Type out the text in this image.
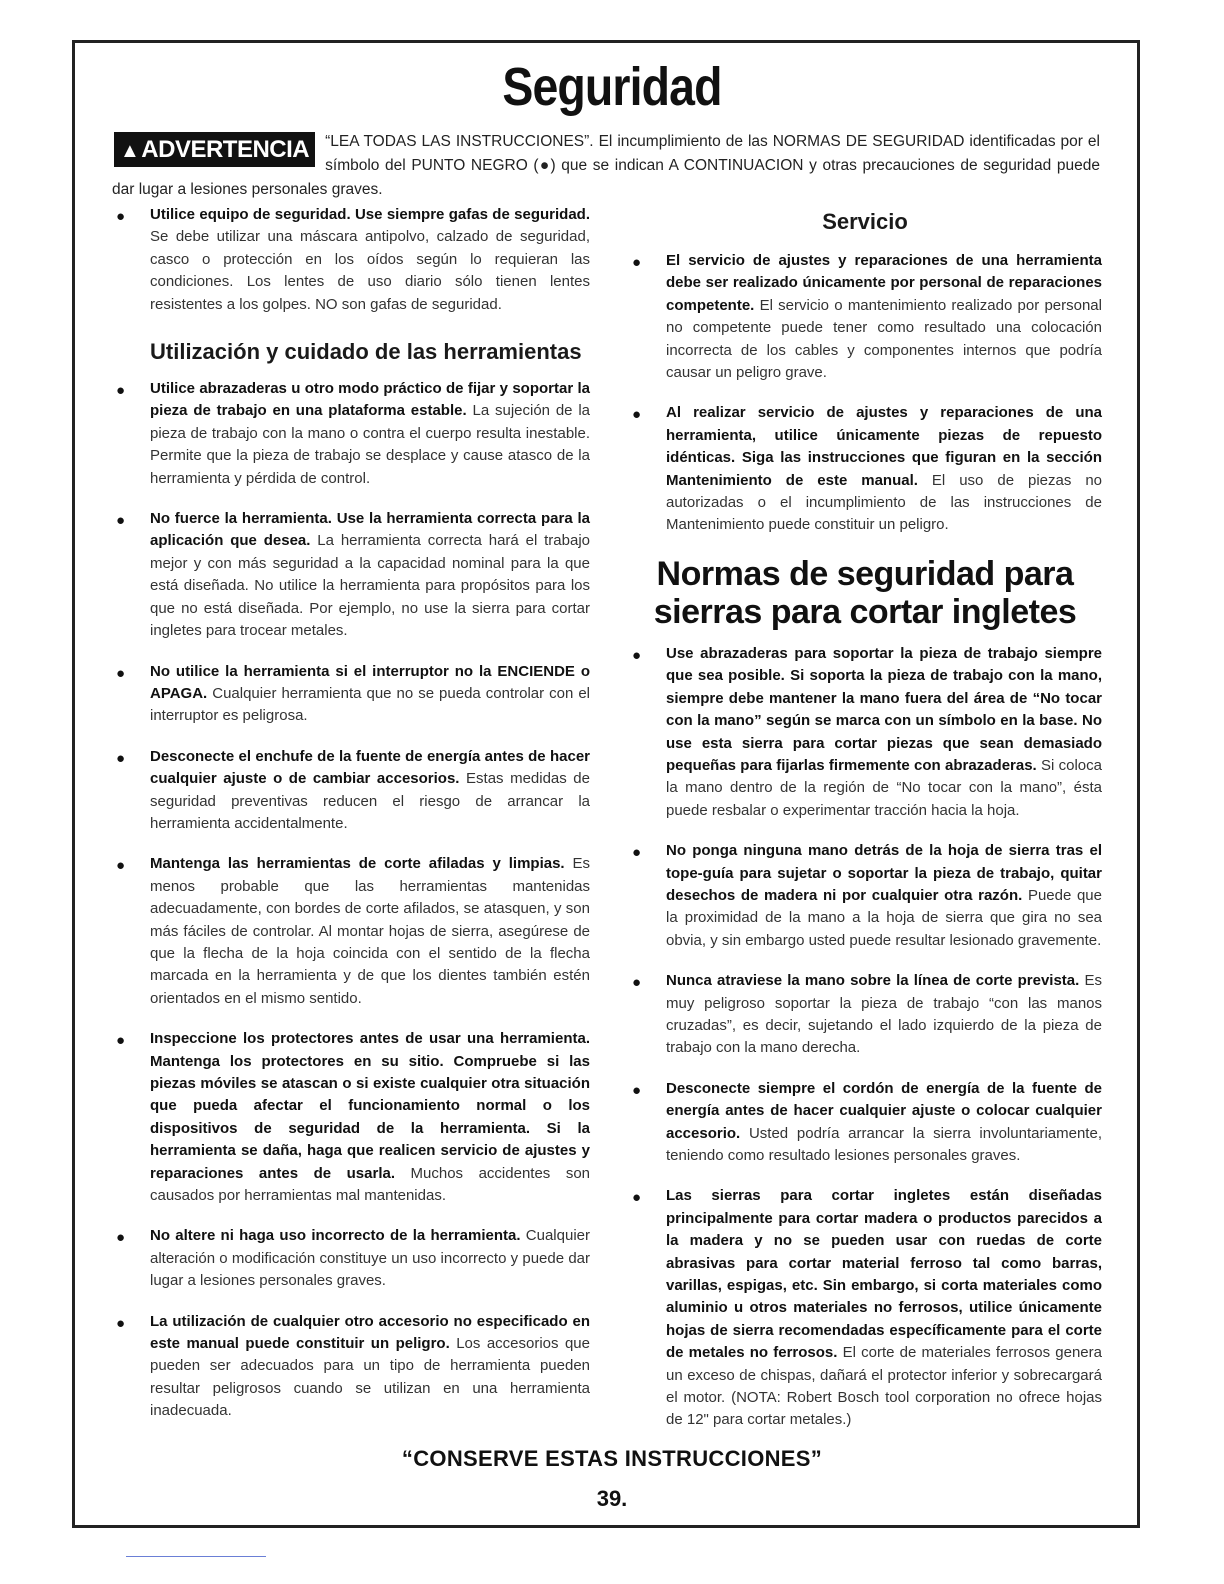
Seguridad
▲ADVERTENCIA	“LEA TODAS LAS INSTRUCCIONES”. El incumplimiento de las NORMAS DE SEGURIDAD identificadas por el símbolo del PUNTO NEGRO (●) que se indican A CONTINUACION y otras precauciones de seguridad puede dar lugar a lesiones personales graves.
● Utilice equipo de seguridad. Use siempre gafas de seguridad. Se debe utilizar una máscara antipolvo, calzado de seguridad, casco o protección en los oídos según lo requieran las condiciones. Los lentes de uso diario sólo tienen lentes resistentes a los golpes. NO son gafas de seguridad.
Utilización y cuidado de las herramientas
● Utilice abrazaderas u otro modo práctico de fijar y soportar la pieza de trabajo en una plataforma estable. La sujeción de la pieza de trabajo con la mano o contra el cuerpo resulta inestable. Permite que la pieza de trabajo se desplace y cause atasco de la herramienta y pérdida de control.
● No fuerce la herramienta. Use la herramienta correcta para la aplicación que desea. La herramienta correcta hará el trabajo mejor y con más seguridad a la capacidad nominal para la que está diseñada. No utilice la herramienta para propósitos para los que no está diseñada. Por ejemplo, no use la sierra para cortar ingletes para trocear metales.
● No utilice la herramienta si el interruptor no la ENCIENDE o APAGA. Cualquier herramienta que no se pueda controlar con el interruptor es peligrosa.
● Desconecte el enchufe de la fuente de energía antes de hacer cualquier ajuste o de cambiar accesorios. Estas medidas de seguridad preventivas reducen el riesgo de arrancar la herramienta accidentalmente.
● Mantenga las herramientas de corte afiladas y limpias. Es menos probable que las herramientas mantenidas adecuadamente, con bordes de corte afilados, se atasquen, y son más fáciles de controlar. Al montar hojas de sierra, asegúrese de que la flecha de la hoja coincida con el sentido de la flecha marcada en la herramienta y de que los dientes también estén orientados en el mismo sentido.
● Inspeccione los protectores antes de usar una herramienta. Mantenga los protectores en su sitio. Compruebe si las piezas móviles se atascan o si existe cualquier otra situación que pueda afectar el funcionamiento normal o los dispositivos de seguridad de la herramienta. Si la herramienta se daña, haga que realicen servicio de ajustes y reparaciones antes de usarla. Muchos accidentes son causados por herramientas mal mantenidas.
● No altere ni haga uso incorrecto de la herramienta. Cualquier alteración o modificación constituye un uso incorrecto y puede dar lugar a lesiones personales graves.
● La utilización de cualquier otro accesorio no especificado en este manual puede constituir un peligro. Los accesorios que pueden ser adecuados para un tipo de herramienta pueden resultar peligrosos cuando se utilizan en una herramienta inadecuada.
Servicio
● El servicio de ajustes y reparaciones de una herramienta debe ser realizado únicamente por personal de reparaciones competente. El servicio o mantenimiento realizado por personal no competente puede tener como resultado una colocación incorrecta de los cables y componentes internos que podría causar un peligro grave.
● Al realizar servicio de ajustes y reparaciones de una herramienta, utilice únicamente piezas de repuesto idénticas. Siga las instrucciones que figuran en la sección Mantenimiento de este manual. El uso de piezas no autorizadas o el incumplimiento de las instrucciones de Mantenimiento puede constituir un peligro.
Normas de seguridad para sierras para cortar ingletes
● Use abrazaderas para soportar la pieza de trabajo siempre que sea posible. Si soporta la pieza de trabajo con la mano, siempre debe mantener la mano fuera del área de “No tocar con la mano” según se marca con un símbolo en la base. No use esta sierra para cortar piezas que sean demasiado pequeñas para fijarlas firmemente con abrazaderas. Si coloca la mano dentro de la región de “No tocar con la mano”, ésta puede resbalar o experimentar tracción hacia la hoja.
● No ponga ninguna mano detrás de la hoja de sierra tras el tope-guía para sujetar o soportar la pieza de trabajo, quitar desechos de madera ni por cualquier otra razón. Puede que la proximidad de la mano a la hoja de sierra que gira no sea obvia, y sin embargo usted puede resultar lesionado gravemente.
● Nunca atraviese la mano sobre la línea de corte prevista. Es muy peligroso soportar la pieza de trabajo “con las manos cruzadas”, es decir, sujetando el lado izquierdo de la pieza de trabajo con la mano derecha.
● Desconecte siempre el cordón de energía de la fuente de energía antes de hacer cualquier ajuste o colocar cualquier accesorio. Usted podría arrancar la sierra involuntariamente, teniendo como resultado lesiones personales graves.
● Las sierras para cortar ingletes están diseñadas principalmente para cortar madera o productos parecidos a la madera y no se pueden usar con ruedas de corte abrasivas para cortar material ferroso tal como barras, varillas, espigas, etc. Sin embargo, si corta materiales como aluminio u otros materiales no ferrosos, utilice únicamente hojas de sierra recomendadas específicamente para el corte de metales no ferrosos. El corte de materiales ferrosos genera un exceso de chispas, dañará el protector inferior y sobrecargará el motor. (NOTA: Robert Bosch tool corporation no ofrece hojas de 12" para cortar metales.)
“CONSERVE ESTAS INSTRUCCIONES”
39.
